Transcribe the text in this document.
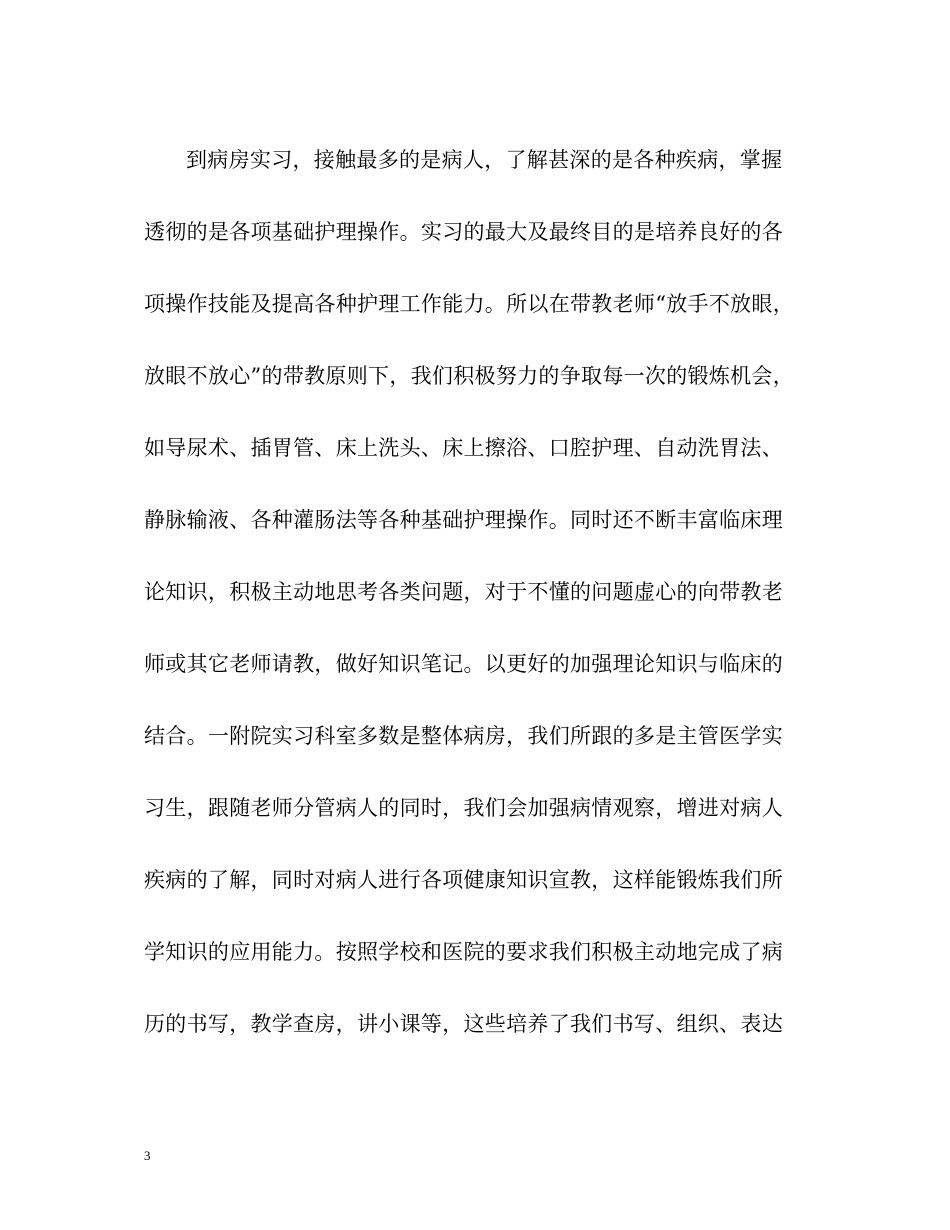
到病房实习，接触最多的是病人，了解甚深的是各种疾病，掌握
透彻的是各项基础护理操作。实习的最大及最终目的是培养良好的各
项操作技能及提高各种护理工作能力。所以在带教老师“放手不放眼，
放眼不放心”的带教原则下，我们积极努力的争取每一次的锻炼机会，
如导尿术、插胃管、床上洗头、床上擦浴、口腔护理、自动洗胃法、
静脉输液、各种灌肠法等各种基础护理操作。同时还不断丰富临床理
论知识，积极主动地思考各类问题，对于不懂的问题虚心的向带教老
师或其它老师请教，做好知识笔记。以更好的加强理论知识与临床的
结合。一附院实习科室多数是整体病房，我们所跟的多是主管医学实
习生，跟随老师分管病人的同时，我们会加强病情观察，增进对病人
疾病的了解，同时对病人进行各项健康知识宣教，这样能锻炼我们所
学知识的应用能力。按照学校和医院的要求我们积极主动地完成了病
历的书写，教学查房，讲小课等，这些培养了我们书写、组织、表达
3
